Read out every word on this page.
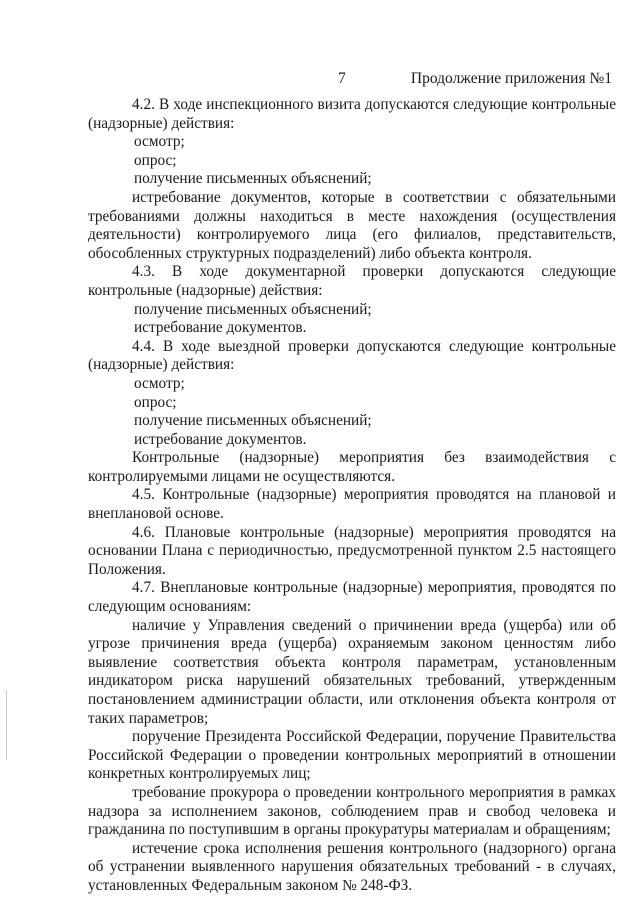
7	Продолжение приложения №1

4.2. В ходе инспекционного визита допускаются следующие контрольные (надзорные) действия:

осмотр;

опрос;

получение письменных объяснений;

истребование документов, которые в соответствии с обязательными требованиями должны находиться в месте нахождения (осуществления деятельности) контролируемого лица (его филиалов, представительств, обособленных структурных подразделений) либо объекта контроля.

4.3. В ходе документарной проверки допускаются следующие контрольные (надзорные) действия:

получение письменных объяснений;

истребование документов.

4.4. В ходе выездной проверки допускаются следующие контрольные (надзорные) действия:

осмотр;

опрос;

получение письменных объяснений;

истребование документов.

Контрольные (надзорные) мероприятия без взаимодействия с контролируемыми лицами не осуществляются.

4.5. Контрольные (надзорные) мероприятия проводятся на плановой и внеплановой основе.

4.6. Плановые контрольные (надзорные) мероприятия проводятся на основании Плана с периодичностью, предусмотренной пунктом 2.5 настоящего Положения.

4.7. Внеплановые контрольные (надзорные) мероприятия, проводятся по следующим основаниям:

наличие у Управления сведений о причинении вреда (ущерба) или об угрозе причинения вреда (ущерба) охраняемым законом ценностям либо выявление соответствия объекта контроля параметрам, установленным индикатором риска нарушений обязательных требований, утвержденным постановлением администрации области, или отклонения объекта контроля от таких параметров;

поручение Президента Российской Федерации, поручение Правительства Российской Федерации о проведении контрольных мероприятий в отношении конкретных контролируемых лиц;

требование прокурора о проведении контрольного мероприятия в рамках надзора за исполнением законов, соблюдением прав и свобод человека и гражданина по поступившим в органы прокуратуры материалам и обращениям;

истечение срока исполнения решения контрольного (надзорного) органа об устранении выявленного нарушения обязательных требований - в случаях, установленных Федеральным законом № 248-ФЗ.
